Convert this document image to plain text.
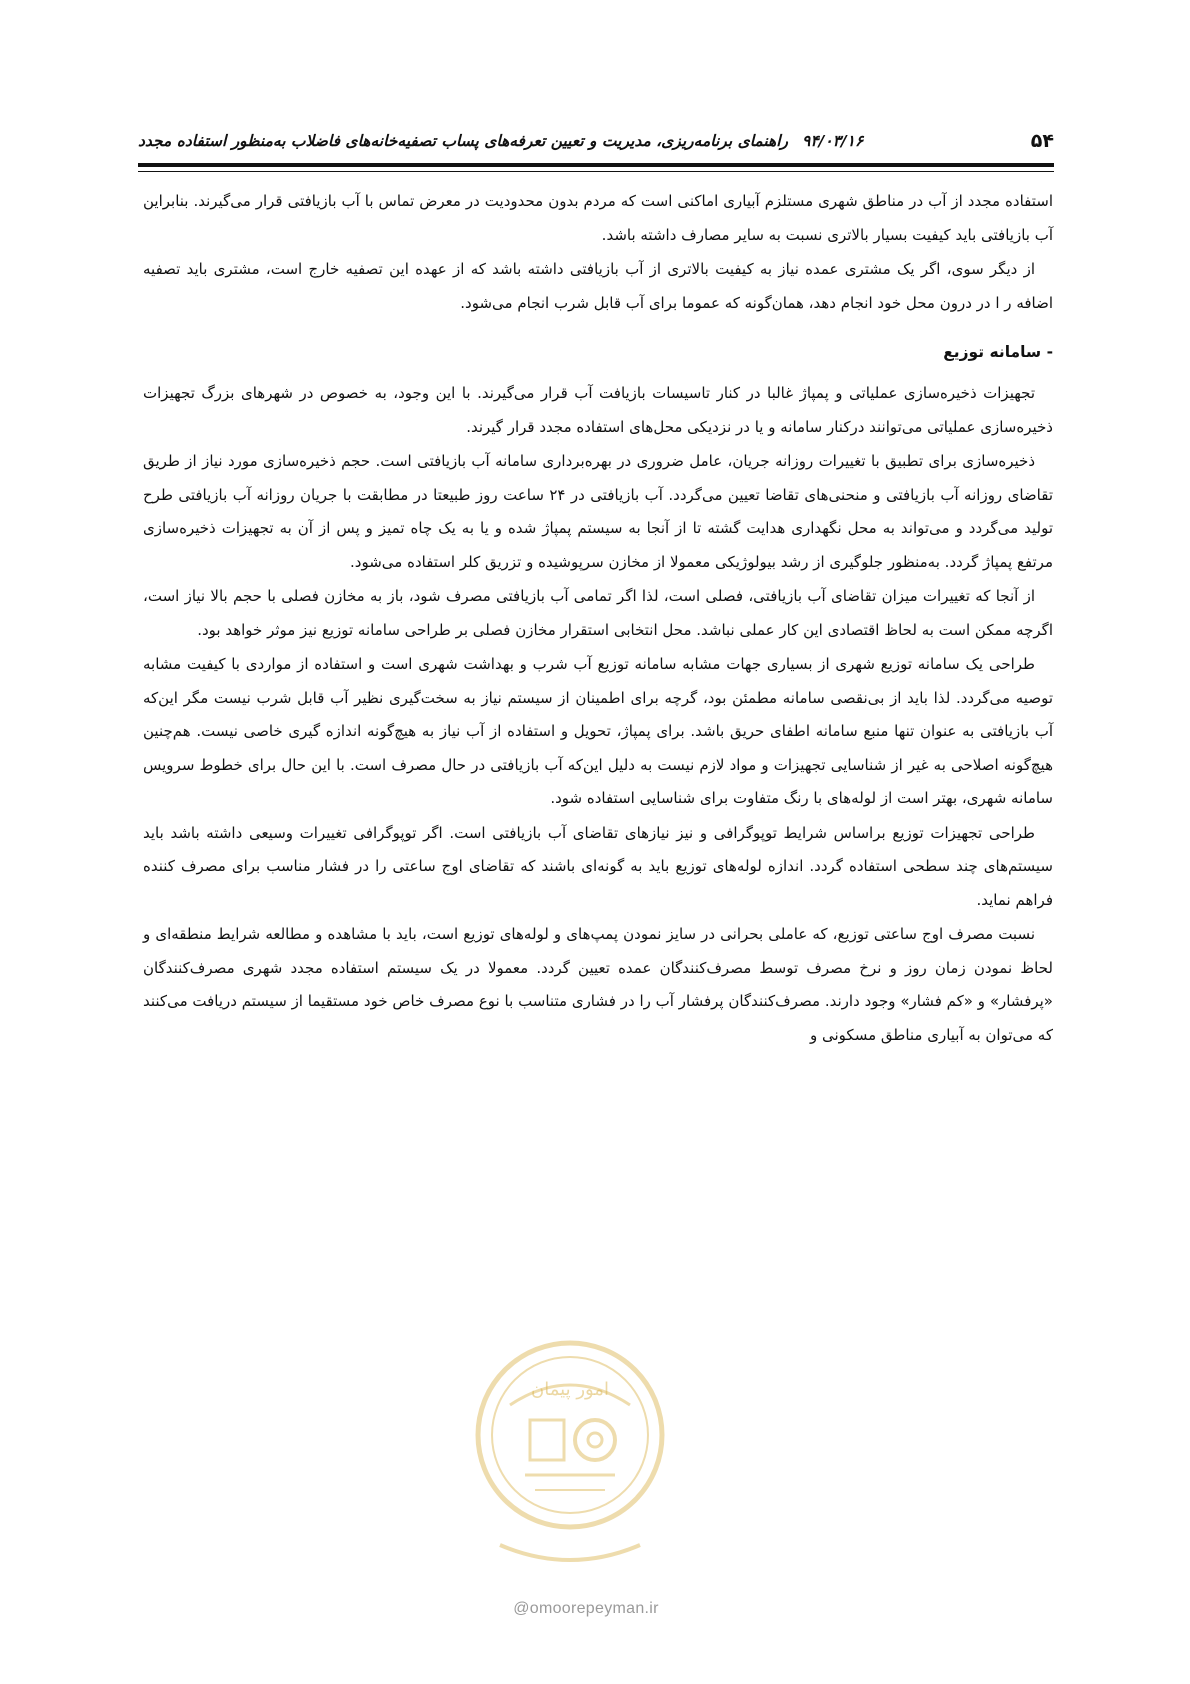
۵۴
۹۴/۰۳/۱۶راهنمای برنامه‌ریزی، مدیریت و تعیین تعرفه‌های پساب تصفیه‌خانه‌های فاضلاب به‌منظور استفاده مجدد

استفاده مجدد از آب در مناطق شهری مستلزم آبیاری اماکنی است که مردم بدون محدودیت در معرض تماس با آب بازیافتی قرار می‌گیرند. بنابراین آب بازیافتی باید کیفیت بسیار بالاتری نسبت به سایر مصارف داشته باشد.

از دیگر سوی، اگر یک مشتری عمده نیاز به کیفیت بالاتری از آب بازیافتی داشته باشد که از عهده این تصفیه خارج است، مشتری باید تصفیه اضافه ر ا در درون محل خود انجام دهد، همان‌گونه که عموما برای آب قابل شرب انجام می‌شود.

- سامانه توزیع

تجهیزات ذخیره‌سازی عملیاتی و پمپاژ غالبا در کنار تاسیسات بازیافت آب قرار می‌گیرند. با این وجود، به خصوص در شهرهای بزرگ تجهیزات ذخیره‌سازی عملیاتی می‌توانند درکنار سامانه و یا در نزدیکی محل‌های استفاده مجدد قرار گیرند.

ذخیره‌سازی برای تطبیق با تغییرات روزانه جریان، عامل ضروری در بهره‌برداری سامانه آب بازیافتی است. حجم ذخیره‌سازی مورد نیاز از طریق تقاضای روزانه آب بازیافتی و منحنی‌های تقاضا تعیین می‌گردد. آب بازیافتی در ۲۴ ساعت روز طبیعتا در مطابقت با جریان روزانه آب بازیافتی طرح تولید می‌گردد و می‌تواند به محل نگهداری هدایت گشته تا از آنجا به سیستم پمپاژ شده و یا به یک چاه تمیز و پس از آن به تجهیزات ذخیره‌سازی مرتفع پمپاژ گردد. به‌منظور جلوگیری از رشد بیولوژیکی معمولا از مخازن سرپوشیده و تزریق کلر استفاده می‌شود.

از آنجا که تغییرات میزان تقاضای آب بازیافتی، فصلی است، لذا اگر تمامی آب بازیافتی مصرف شود، باز به مخازن فصلی با حجم بالا نیاز است، اگرچه ممکن است به لحاظ اقتصادی این کار عملی نباشد. محل انتخابی استقرار مخازن فصلی بر طراحی سامانه توزیع نیز موثر خواهد بود.

طراحی یک سامانه توزیع شهری از بسیاری جهات مشابه سامانه توزیع آب شرب و بهداشت شهری است و استفاده از مواردی با کیفیت مشابه توصیه می‌گردد. لذا باید از بی‌نقصی سامانه مطمئن بود، گرچه برای اطمینان از سیستم نیاز به سخت‌گیری نظیر آب قابل شرب نیست مگر این‌که آب بازیافتی به عنوان تنها منبع سامانه اطفای حریق باشد. برای پمپاژ، تحویل و استفاده از آب نیاز به هیچ‌گونه اندازه گیری خاصی نیست. هم‌چنین هیچ‌گونه اصلاحی به غیر از شناسایی تجهیزات و مواد لازم نیست به دلیل این‌که آب بازیافتی در حال مصرف است. با این حال برای خطوط سرویس سامانه شهری، بهتر است از لوله‌های با رنگ متفاوت برای شناسایی استفاده شود.

طراحی تجهیزات توزیع براساس شرایط توپوگرافی و نیز نیازهای تقاضای آب بازیافتی است. اگر توپوگرافی تغییرات وسیعی داشته باشد باید سیستم‌های چند سطحی استفاده گردد. اندازه لوله‌های توزیع باید به گونه‌ای باشند که تقاضای اوج ساعتی را در فشار مناسب برای مصرف کننده فراهم نماید.

نسبت مصرف اوج ساعتی توزیع، که عاملی بحرانی در سایز نمودن پمپ‌های و لوله‌های توزیع است، باید با مشاهده و مطالعه شرایط منطقه‌ای و لحاظ نمودن زمان روز و نرخ مصرف توسط مصرف‌کنندگان عمده تعیین گردد. معمولا در یک سیستم استفاده مجدد شهری مصرف‌کنندگان «پرفشار» و «کم فشار» وجود دارند. مصرف‌کنندگان پرفشار آب را در فشاری متناسب با نوع مصرف خاص خود مستقیما از سیستم دریافت می‌کنند که می‌توان به آبیاری مناطق مسکونی و

امور پیمان
@omoorepeyman.ir
